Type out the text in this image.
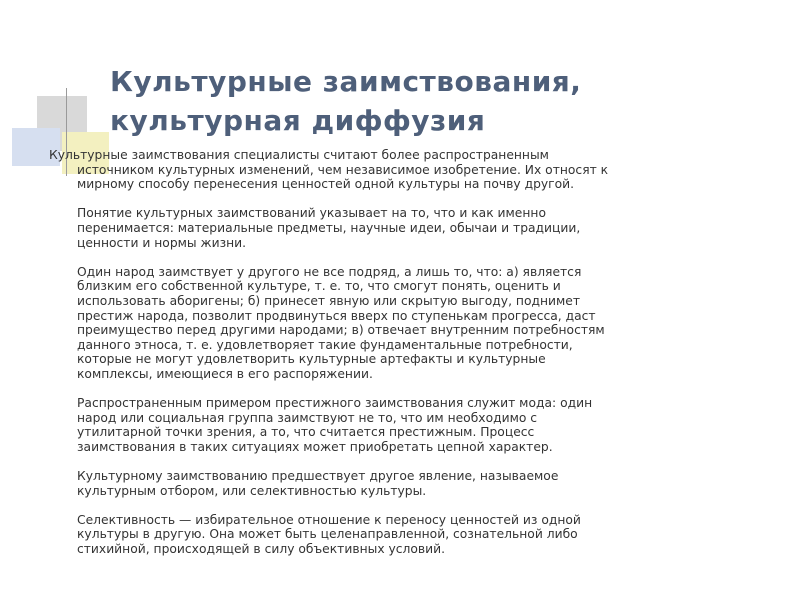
Культурные заимствования,
культурная диффузия

Культурные заимствования специалисты считают более распространенным
источником культурных изменений, чем независимое изобретение. Их относят к
мирному способу перенесения ценностей одной культуры на почву другой.

Понятие культурных заимствований указывает на то, что и как именно
перенимается: материальные предметы, научные идеи, обычаи и традиции,
ценности и нормы жизни.

Один народ заимствует у другого не все подряд, а лишь то, что: а) является
близким его собственной культуре, т. е. то, что смогут понять, оценить и
использовать аборигены; б) принесет явную или скрытую выгоду, поднимет
престиж народа, позволит продвинуться вверх по ступенькам прогресса, даст
преимущество перед другими народами; в) отвечает внутренним потребностям
данного этноса, т. е. удовлетворяет такие фундаментальные потребности,
которые не могут удовлетворить культурные артефакты и культурные
комплексы, имеющиеся в его распоряжении.

Распространенным примером престижного заимствования служит мода: один
народ или социальная группа заимствуют не то, что им необходимо с
утилитарной точки зрения, а то, что считается престижным. Процесс
заимствования в таких ситуациях может приобретать цепной характер.

Культурному заимствованию предшествует другое явление, называемое
культурным отбором, или селективностью культуры.

Селективность — избирательное отношение к переносу ценностей из одной
культуры в другую. Она может быть целенаправленной, сознательной либо
стихийной, происходящей в силу объективных условий.
